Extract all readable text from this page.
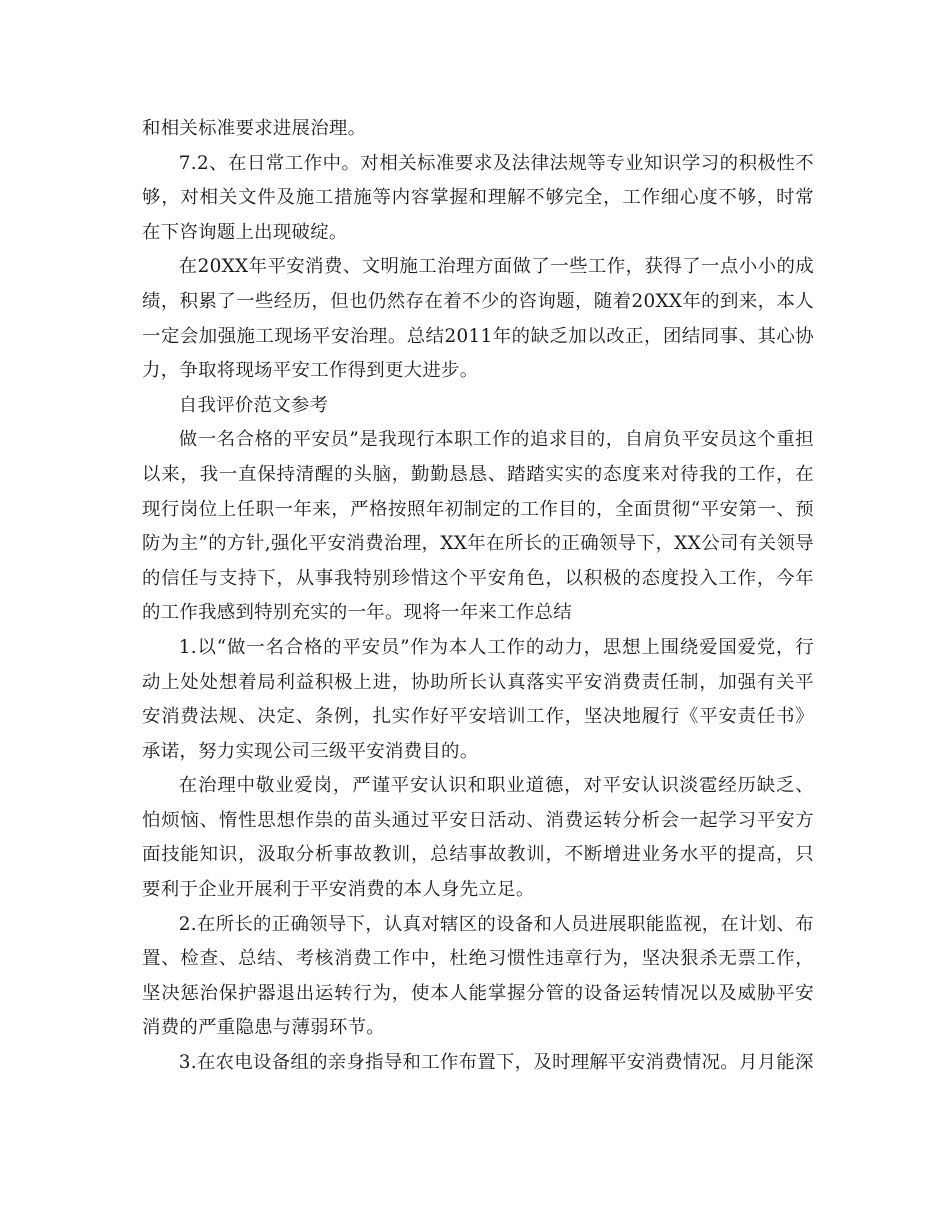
和相关标准要求进展治理。

7.2、在日常工作中。对相关标准要求及法律法规等专业知识学习的积极性不够，对相关文件及施工措施等内容掌握和理解不够完全，工作细心度不够，时常在下咨询题上出现破绽。

在20XX年平安消费、文明施工治理方面做了一些工作，获得了一点小小的成绩，积累了一些经历，但也仍然存在着不少的咨询题，随着20XX年的到来，本人一定会加强施工现场平安治理。总结2011年的缺乏加以改正，团结同事、其心协力，争取将现场平安工作得到更大进步。

自我评价范文参考

做一名合格的平安员”是我现行本职工作的追求目的，自肩负平安员这个重担以来，我一直保持清醒的头脑，勤勤恳恳、踏踏实实的态度来对待我的工作，在现行岗位上任职一年来，严格按照年初制定的工作目的，全面贯彻“平安第一、预防为主”的方针,强化平安消费治理，XX年在所长的正确领导下，XX公司有关领导的信任与支持下，从事我特别珍惜这个平安角色，以积极的态度投入工作，今年的工作我感到特别充实的一年。现将一年来工作总结

1.以“做一名合格的平安员”作为本人工作的动力，思想上围绕爱国爱党，行动上处处想着局利益积极上进，协助所长认真落实平安消费责任制，加强有关平安消费法规、决定、条例，扎实作好平安培训工作，坚决地履行《平安责任书》承诺，努力实现公司三级平安消费目的。

在治理中敬业爱岗，严谨平安认识和职业道德，对平安认识淡雹经历缺乏、怕烦恼、惰性思想作祟的苗头通过平安日活动、消费运转分析会一起学习平安方面技能知识，汲取分析事故教训，总结事故教训，不断增进业务水平的提高，只要利于企业开展利于平安消费的本人身先立足。

2.在所长的正确领导下，认真对辖区的设备和人员进展职能监视，在计划、布置、检查、总结、考核消费工作中，杜绝习惯性违章行为，坚决狠杀无票工作，坚决惩治保护器退出运转行为，使本人能掌握分管的设备运转情况以及威胁平安消费的严重隐患与薄弱环节。

3.在农电设备组的亲身指导和工作布置下，及时理解平安消费情况。月月能深
